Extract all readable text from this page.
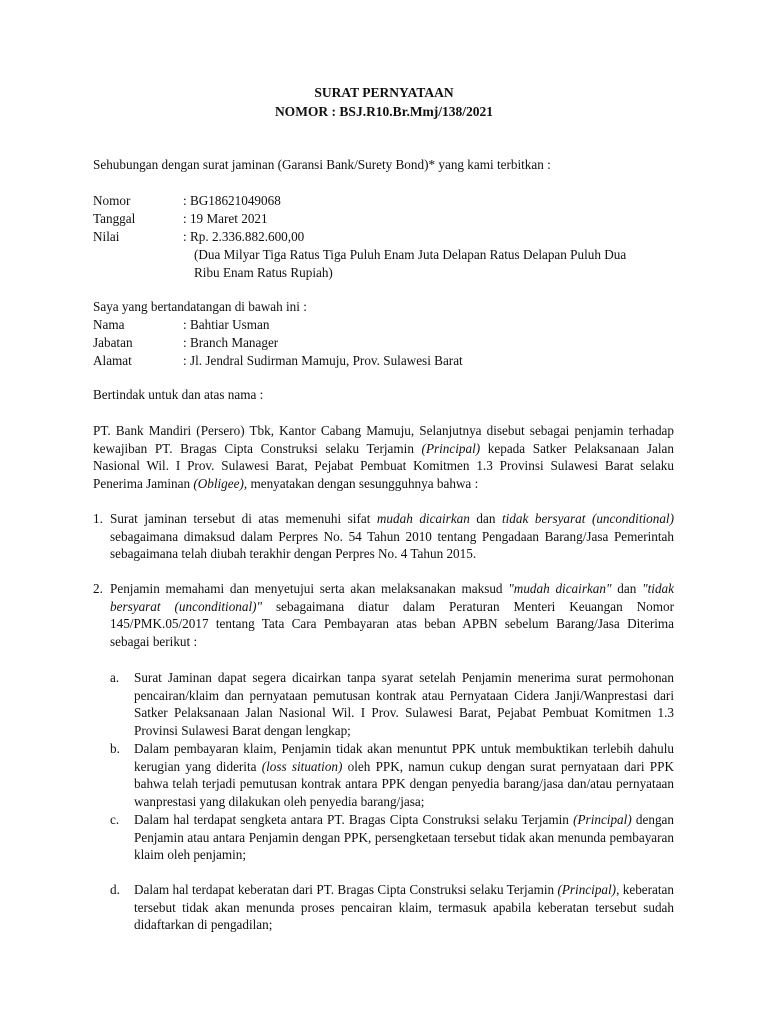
SURAT PERNYATAAN
NOMOR : BSJ.R10.Br.Mmj/138/2021
Sehubungan dengan surat jaminan (Garansi Bank/Surety Bond)* yang kami terbitkan :
Nomor	: BG18621049068
Tanggal	: 19 Maret 2021
Nilai	: Rp. 2.336.882.600,00
(Dua Milyar Tiga Ratus Tiga Puluh Enam Juta Delapan Ratus Delapan Puluh Dua
Ribu Enam Ratus Rupiah)
Saya yang bertandatangan di bawah ini :
Nama	: Bahtiar Usman
Jabatan	: Branch Manager
Alamat	: Jl. Jendral Sudirman Mamuju, Prov. Sulawesi Barat
Bertindak untuk dan atas nama :
PT. Bank Mandiri (Persero) Tbk, Kantor Cabang Mamuju, Selanjutnya disebut sebagai penjamin terhadap kewajiban PT. Bragas Cipta Construksi selaku Terjamin (Principal) kepada Satker Pelaksanaan Jalan Nasional Wil. I Prov. Sulawesi Barat, Pejabat Pembuat Komitmen 1.3 Provinsi Sulawesi Barat selaku Penerima Jaminan (Obligee), menyatakan dengan sesungguhnya bahwa :
1. Surat jaminan tersebut di atas memenuhi sifat mudah dicairkan dan tidak bersyarat (unconditional) sebagaimana dimaksud dalam Perpres No. 54 Tahun 2010 tentang Pengadaan Barang/Jasa Pemerintah sebagaimana telah diubah terakhir dengan Perpres No. 4 Tahun 2015.
2. Penjamin memahami dan menyetujui serta akan melaksanakan maksud "mudah dicairkan" dan "tidak bersyarat (unconditional)" sebagaimana diatur dalam Peraturan Menteri Keuangan Nomor 145/PMK.05/2017 tentang Tata Cara Pembayaran atas beban APBN sebelum Barang/Jasa Diterima sebagai berikut :
a. Surat Jaminan dapat segera dicairkan tanpa syarat setelah Penjamin menerima surat permohonan pencairan/klaim dan pernyataan pemutusan kontrak atau Pernyataan Cidera Janji/Wanprestasi dari Satker Pelaksanaan Jalan Nasional Wil. I Prov. Sulawesi Barat, Pejabat Pembuat Komitmen 1.3 Provinsi Sulawesi Barat dengan lengkap;
b. Dalam pembayaran klaim, Penjamin tidak akan menuntut PPK untuk membuktikan terlebih dahulu kerugian yang diderita (loss situation) oleh PPK, namun cukup dengan surat pernyataan dari PPK bahwa telah terjadi pemutusan kontrak antara PPK dengan penyedia barang/jasa dan/atau pernyataan wanprestasi yang dilakukan oleh penyedia barang/jasa;
c. Dalam hal terdapat sengketa antara PT. Bragas Cipta Construksi selaku Terjamin (Principal) dengan Penjamin atau antara Penjamin dengan PPK, persengketaan tersebut tidak akan menunda pembayaran klaim oleh penjamin;
d. Dalam hal terdapat keberatan dari PT. Bragas Cipta Construksi selaku Terjamin (Principal), keberatan tersebut tidak akan menunda proses pencairan klaim, termasuk apabila keberatan tersebut sudah didaftarkan di pengadilan;
